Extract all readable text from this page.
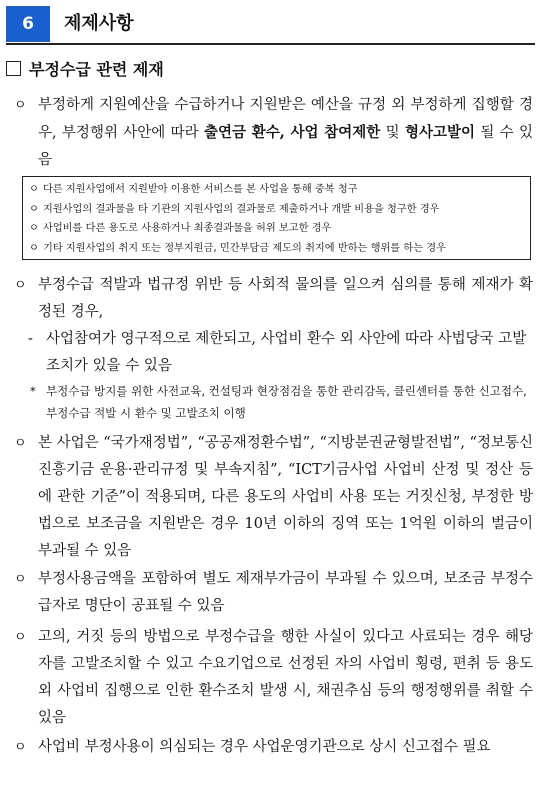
6	제제사항
부정수급 관련 제재
ㅇ 부정하게 지원예산을 수급하거나 지원받은 예산을 규정 외 부정하게 집행할 경우, 부정행위 사안에 따라 출연금 환수, 사업 참여제한 및 형사고발이 될 수 있음
ㅇ 다른 지원사업에서 지원받아 이용한 서비스를 본 사업을 통해 중복 청구
ㅇ 지원사업의 결과물을 타 기관의 지원사업의 결과물로 제출하거나 개발 비용을 청구한 경우
ㅇ 사업비를 다른 용도로 사용하거나 최종결과물을 허위 보고한 경우
ㅇ 기타 지원사업의 취지 또는 정부지원금, 민간부담금 제도의 취지에 반하는 행위를 하는 경우
ㅇ 부정수급 적발과 법규정 위반 등 사회적 물의를 일으켜 심의를 통해 제재가 확정된 경우,
- 사업참여가 영구적으로 제한되고, 사업비 환수 외 사안에 따라 사법당국 고발조치가 있을 수 있음
* 부정수급 방지를 위한 사전교육, 컨설팅과 현장점검을 통한 관리감독, 클린센터를 통한 신고접수, 부정수급 적발 시 환수 및 고발조치 이행
ㅇ 본 사업은 “국가재정법”, “공공재정환수법”, “지방분권균형발전법”, “정보통신진흥기금 운용·관리규정 및 부속지침”, “ICT기금사업 사업비 산정 및 정산 등에 관한 기준”이 적용되며, 다른 용도의 사업비 사용 또는 거짓신청, 부정한 방법으로 보조금을 지원받은 경우 10년 이하의 징역 또는 1억원 이하의 벌금이 부과될 수 있음
ㅇ 부정사용금액을 포함하여 별도 제재부가금이 부과될 수 있으며, 보조금 부정수급자로 명단이 공표될 수 있음
ㅇ 고의, 거짓 등의 방법으로 부정수급을 행한 사실이 있다고 사료되는 경우 해당자를 고발조치할 수 있고 수요기업으로 선정된 자의 사업비 횡령, 편취 등 용도 외 사업비 집행으로 인한 환수조치 발생 시, 채권추심 등의 행정행위를 취할 수 있음
ㅇ 사업비 부정사용이 의심되는 경우 사업운영기관으로 상시 신고접수 필요
